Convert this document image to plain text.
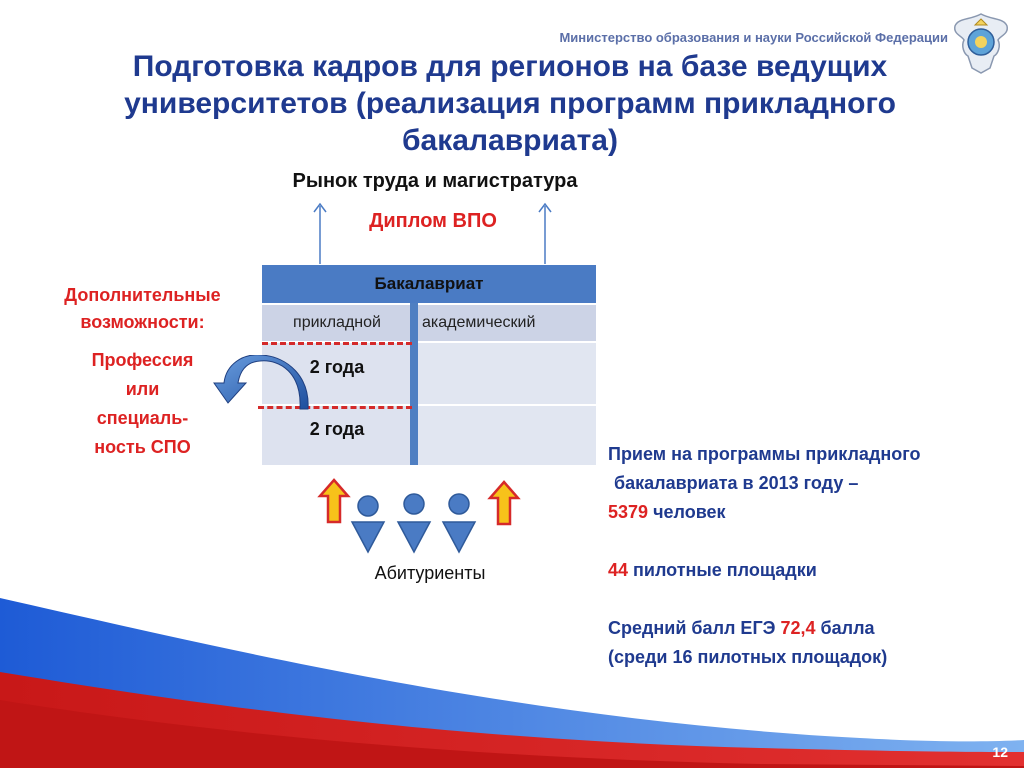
Министерство образования и науки Российской Федерации
Подготовка кадров для регионов на базе ведущих
университетов (реализация программ прикладного
бакалавриата)
Рынок труда и магистратура
Диплом ВПО
Бакалавриат
прикладной	академический
2 года
2 года
Дополнительные
возможности:
Профессия
или
специаль-
ность СПО
Абитуриенты
Прием на программы прикладного
бакалавриата в 2013 году –
5379 человек

44 пилотные площадки

Средний балл ЕГЭ 72,4 балла
(среди 16 пилотных площадок)
12
